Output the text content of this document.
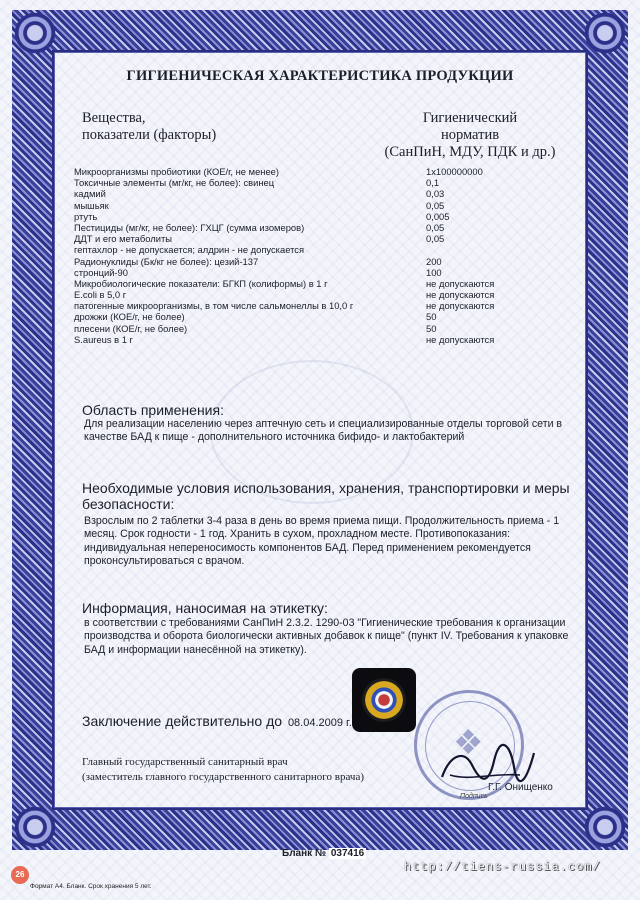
ГИГИЕНИЧЕСКАЯ ХАРАКТЕРИСТИКА ПРОДУКЦИИ
Вещества,
показатели (факторы)
Гигиенический
норматив
(СанПиН, МДУ, ПДК и др.)
Микроорганизмы пробиотики (КОЕ/г, не менее)	1х100000000
Токсичные элементы (мг/кг, не более): свинец	0,1
кадмий	0,03
мышьяк	0,05
ртуть	0,005
Пестициды (мг/кг, не более): ГХЦГ (сумма изомеров)	0,05
ДДТ и его метаболиты	0,05
гептахлор - не допускается; алдрин - не допускается
Радионуклиды (Бк/кг не более): цезий-137	200
стронций-90	100
Микробиологические показатели: БГКП (колиформы) в 1 г	не допускаются
E.coli в 5,0 г	не допускаются
патогенные микроорганизмы, в том числе сальмонеллы в 10,0 г	не допускаются
дрожжи (КОЕ/г, не более)	50
плесени (КОЕ/г, не более)	50
S.aureus в 1 г	не допускаются
Область применения:
Для реализации населению через аптечную сеть и специализированные отделы торговой сети в качестве БАД к пище - дополнительного источника бифидо- и лактобактерий
Необходимые условия использования, хранения, транспортировки и меры безопасности:
Взрослым по 2 таблетки 3-4 раза в день во время приема пищи. Продолжительность приема - 1 месяц. Срок годности - 1 год. Хранить в сухом, прохладном месте. Противопоказания: индивидуальная непереносимость компонентов БАД. Перед применением рекомендуется проконсультироваться с врачом.
Информация, наносимая на этикетку:
в соответствии с требованиями СанПиН 2.3.2. 1290-03 "Гигиенические требования к организации производства и оборота биологически активных добавок к пище" (пункт IV. Требования к упаковке БАД и информации нанесённой на этикетку).
❖
Заключение действительно до 08.04.2009 г.
Главный государственный санитарный врач
(заместитель главного государственного санитарного врача)
Подпись
Г.Г. Онищенко
Бланк № 037416
http://tiens-russia.com/
26
Формат А4. Бланк. Срок хранения 5 лет.
